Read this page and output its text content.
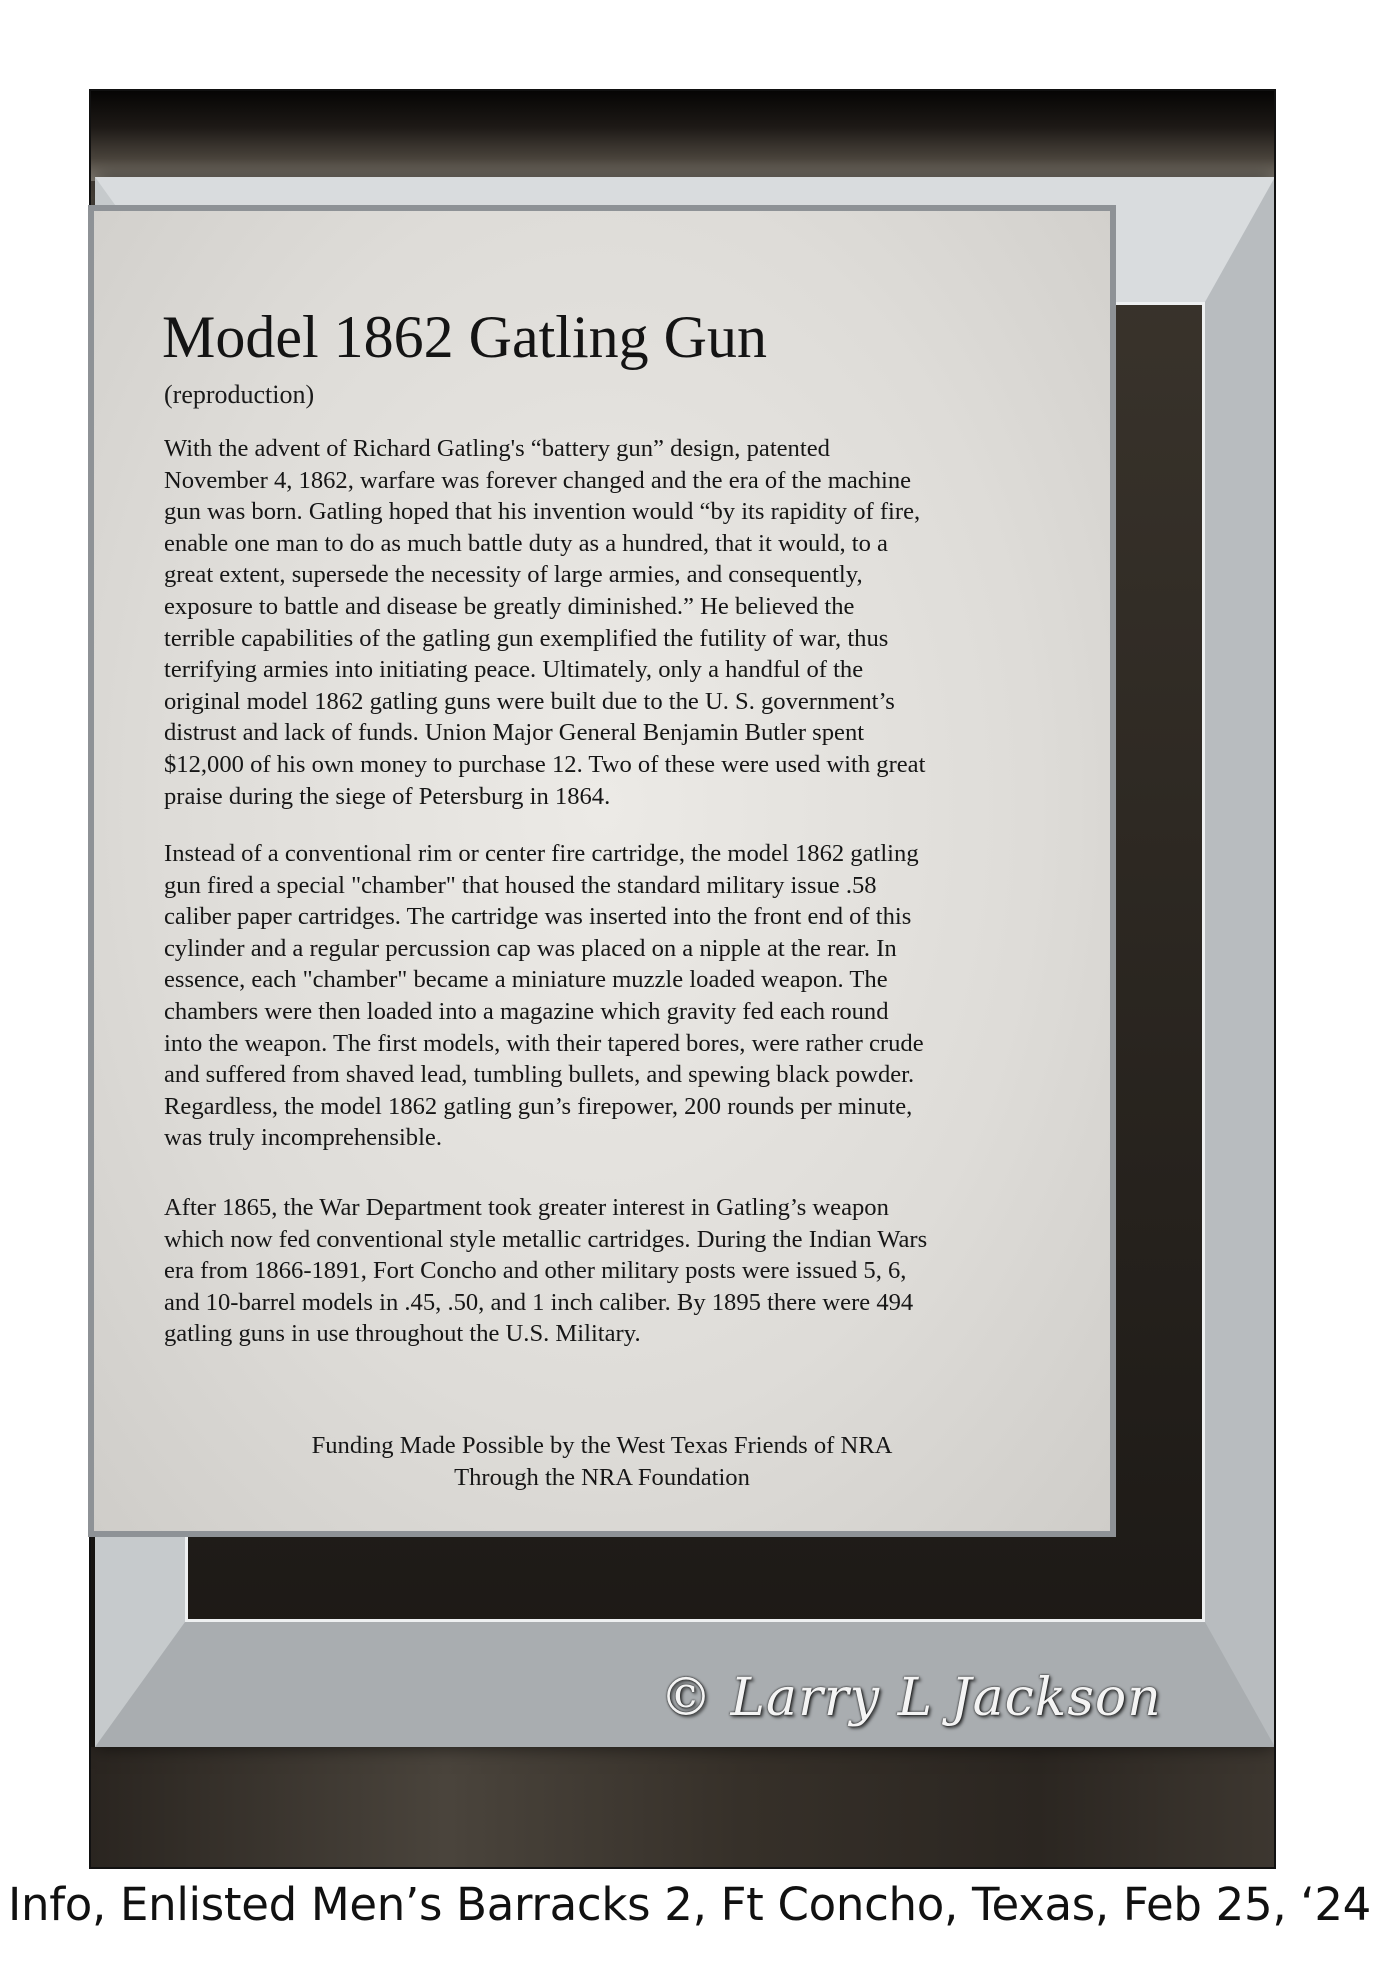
Model 1862 Gatling Gun
(reproduction)
With the advent of Richard Gatling's “battery gun” design, patented
November 4, 1862, warfare was forever changed and the era of the machine
gun was born. Gatling hoped that his invention would “by its rapidity of fire,
enable one man to do as much battle duty as a hundred, that it would, to a
great extent, supersede the necessity of large armies, and consequently,
exposure to battle and disease be greatly diminished.” He believed the
terrible capabilities of the gatling gun exemplified the futility of war, thus
terrifying armies into initiating peace. Ultimately, only a handful of the
original model 1862 gatling guns were built due to the U. S. government’s
distrust and lack of funds. Union Major General Benjamin Butler spent
$12,000 of his own money to purchase 12. Two of these were used with great
praise during the siege of Petersburg in 1864.
Instead of a conventional rim or center fire cartridge, the model 1862 gatling
gun fired a special "chamber" that housed the standard military issue .58
caliber paper cartridges. The cartridge was inserted into the front end of this
cylinder and a regular percussion cap was placed on a nipple at the rear. In
essence, each "chamber" became a miniature muzzle loaded weapon. The
chambers were then loaded into a magazine which gravity fed each round
into the weapon. The first models, with their tapered bores, were rather crude
and suffered from shaved lead, tumbling bullets, and spewing black powder.
Regardless, the model 1862 gatling gun’s firepower, 200 rounds per minute,
was truly incomprehensible.
After 1865, the War Department took greater interest in Gatling’s weapon
which now fed conventional style metallic cartridges. During the Indian Wars
era from 1866-1891, Fort Concho and other military posts were issued 5, 6,
and 10-barrel models in .45, .50, and 1 inch caliber. By 1895 there were 494
gatling guns in use throughout the U.S. Military.
Funding Made Possible by the West Texas Friends of NRA
Through the NRA Foundation
© Larry L Jackson
Info, Enlisted Men’s Barracks 2, Ft Concho, Texas, Feb 25, ‘24
